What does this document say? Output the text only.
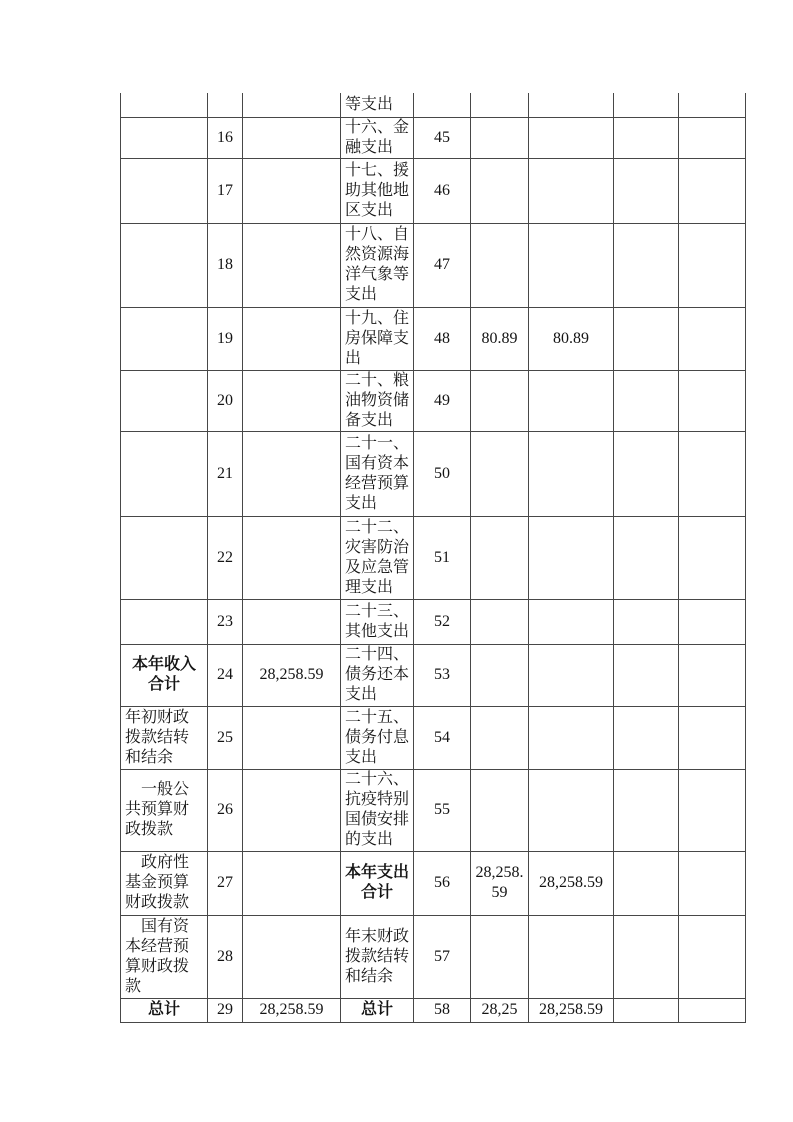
			等支出					
	16		十六、金融支出	45				
	17		十七、援助其他地区支出	46				
	18		十八、自然资源海洋气象等支出	47				
	19		十九、住房保障支出	48	80.89	80.89		
	20		二十、粮油物资储备支出	49				
	21		二十一、国有资本经营预算支出	50				
	22		二十二、灾害防治及应急管理支出	51				
	23		二十三、其他支出	52				
本年收入合计	24	28,258.59	二十四、债务还本支出	53				
年初财政拨款结转和结余	25		二十五、债务付息支出	54				
　一般公共预算财政拨款	26		二十六、抗疫特别国债安排的支出	55				
　政府性基金预算财政拨款	27		本年支出合计	56	28,258.59	28,258.59		
　国有资本经营预算财政拨款	28		年末财政拨款结转和结余	57				
总计	29	28,258.59	总计	58	28,25	28,258.59		
